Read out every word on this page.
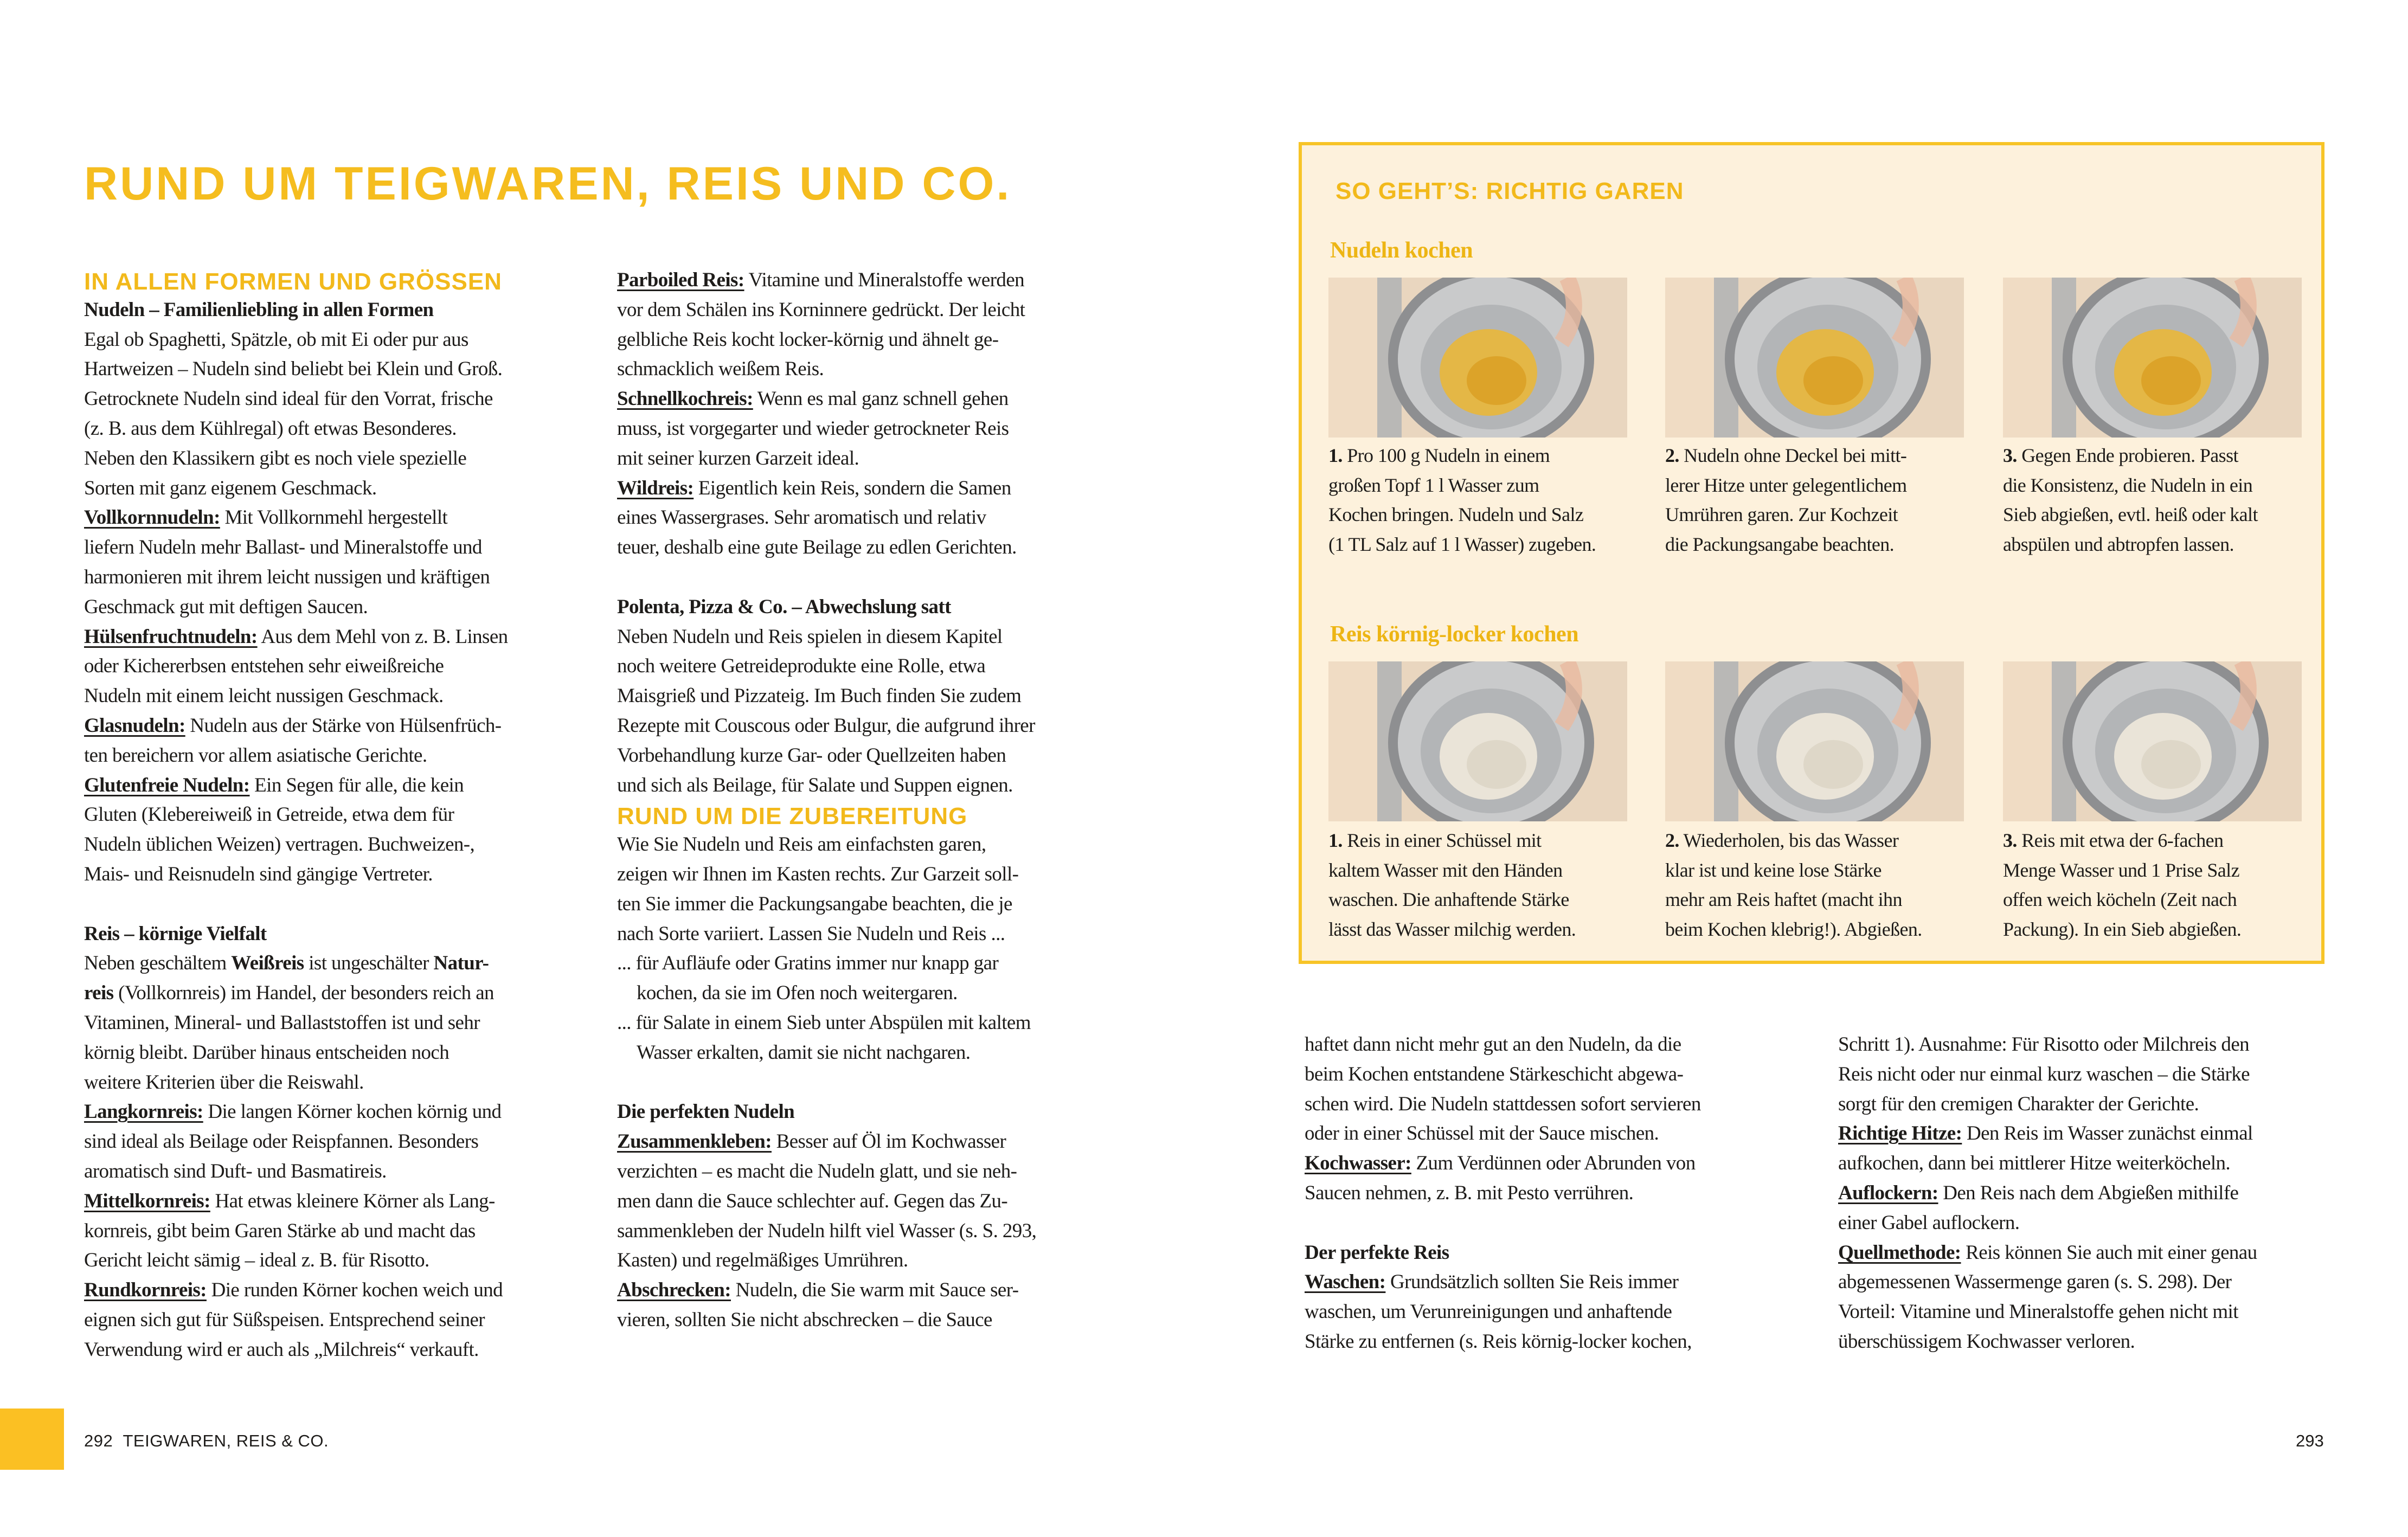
RUND UM TEIGWAREN, REIS UND CO.
IN ALLEN FORMEN UND GRÖSSEN
Nudeln – Familienliebling in allen Formen
Egal ob Spaghetti, Spätzle, ob mit Ei oder pur aus
Hartweizen – Nudeln sind beliebt bei Klein und Groß.
Getrocknete Nudeln sind ideal für den Vorrat, frische
(z. B. aus dem Kühlregal) oft etwas Besonderes.
Neben den Klassikern gibt es noch viele spezielle
Sorten mit ganz eigenem Geschmack.
Vollkornnudeln: Mit Vollkornmehl hergestellt
liefern Nudeln mehr Ballast- und Mineralstoffe und
harmonieren mit ihrem leicht nussigen und kräftigen
Geschmack gut mit deftigen Saucen.
Hülsenfruchtnudeln: Aus dem Mehl von z. B. Linsen
oder Kichererbsen entstehen sehr eiweißreiche
Nudeln mit einem leicht nussigen Geschmack.
Glasnudeln: Nudeln aus der Stärke von Hülsenfrüch-
ten bereichern vor allem asiatische Gerichte.
Glutenfreie Nudeln: Ein Segen für alle, die kein
Gluten (Klebereiweiß in Getreide, etwa dem für
Nudeln üblichen Weizen) vertragen. Buchweizen-,
Mais- und Reisnudeln sind gängige Vertreter.
Reis – körnige Vielfalt
Neben geschältem Weißreis ist ungeschälter Natur-
reis (Vollkornreis) im Handel, der besonders reich an
Vitaminen, Mineral- und Ballaststoffen ist und sehr
körnig bleibt. Darüber hinaus entscheiden noch
weitere Kriterien über die Reiswahl.
Langkornreis: Die langen Körner kochen körnig und
sind ideal als Beilage oder Reispfannen. Besonders
aromatisch sind Duft- und Basmatireis.
Mittelkornreis: Hat etwas kleinere Körner als Lang-
kornreis, gibt beim Garen Stärke ab und macht das
Gericht leicht sämig – ideal z. B. für Risotto.
Rundkornreis: Die runden Körner kochen weich und
eignen sich gut für Süßspeisen. Entsprechend seiner
Verwendung wird er auch als „Milchreis“ verkauft.
Parboiled Reis: Vitamine und Mineralstoffe werden
vor dem Schälen ins Korninnere gedrückt. Der leicht
gelbliche Reis kocht locker-körnig und ähnelt ge-
schmacklich weißem Reis.
Schnellkochreis: Wenn es mal ganz schnell gehen
muss, ist vorgegarter und wieder getrockneter Reis
mit seiner kurzen Garzeit ideal.
Wildreis: Eigentlich kein Reis, sondern die Samen
eines Wassergrases. Sehr aromatisch und relativ
teuer, deshalb eine gute Beilage zu edlen Gerichten.
Polenta, Pizza & Co. – Abwechslung satt
Neben Nudeln und Reis spielen in diesem Kapitel
noch weitere Getreideprodukte eine Rolle, etwa
Maisgrieß und Pizzateig. Im Buch finden Sie zudem
Rezepte mit Couscous oder Bulgur, die aufgrund ihrer
Vorbehandlung kurze Gar- oder Quellzeiten haben
und sich als Beilage, für Salate und Suppen eignen.
RUND UM DIE ZUBEREITUNG
Wie Sie Nudeln und Reis am einfachsten garen,
zeigen wir Ihnen im Kasten rechts. Zur Garzeit soll-
ten Sie immer die Packungsangabe beachten, die je
nach Sorte variiert. Lassen Sie Nudeln und Reis ...
... für Aufläufe oder Gratins immer nur knapp gar
kochen, da sie im Ofen noch weitergaren.
... für Salate in einem Sieb unter Abspülen mit kaltem
Wasser erkalten, damit sie nicht nachgaren.
Die perfekten Nudeln
Zusammenkleben: Besser auf Öl im Kochwasser
verzichten – es macht die Nudeln glatt, und sie neh-
men dann die Sauce schlechter auf. Gegen das Zu-
sammenkleben der Nudeln hilft viel Wasser (s. S. 293,
Kasten) und regelmäßiges Umrühren.
Abschrecken: Nudeln, die Sie warm mit Sauce ser-
vieren, sollten Sie nicht abschrecken – die Sauce
haftet dann nicht mehr gut an den Nudeln, da die
beim Kochen entstandene Stärkeschicht abgewa-
schen wird. Die Nudeln stattdessen sofort servieren
oder in einer Schüssel mit der Sauce mischen.
Kochwasser: Zum Verdünnen oder Abrunden von
Saucen nehmen, z. B. mit Pesto verrühren.
Der perfekte Reis
Waschen: Grundsätzlich sollten Sie Reis immer
waschen, um Verunreinigungen und anhaftende
Stärke zu entfernen (s. Reis körnig-locker kochen,
Schritt 1). Ausnahme: Für Risotto oder Milchreis den
Reis nicht oder nur einmal kurz waschen – die Stärke
sorgt für den cremigen Charakter der Gerichte.
Richtige Hitze: Den Reis im Wasser zunächst einmal
aufkochen, dann bei mittlerer Hitze weiterköcheln.
Auflockern: Den Reis nach dem Abgießen mithilfe
einer Gabel auflockern.
Quellmethode: Reis können Sie auch mit einer genau
abgemessenen Wassermenge garen (s. S. 298). Der
Vorteil: Vitamine und Mineralstoffe gehen nicht mit
überschüssigem Kochwasser verloren.
SO GEHT’S: RICHTIG GAREN
Nudeln kochen
1. Pro 100 g Nudeln in einem
großen Topf 1 l Wasser zum
Kochen bringen. Nudeln und Salz
(1 TL Salz auf 1 l Wasser) zugeben.
2. Nudeln ohne Deckel bei mitt-
lerer Hitze unter gelegentlichem
Umrühren garen. Zur Kochzeit
die Packungsangabe beachten.
3. Gegen Ende probieren. Passt
die Konsistenz, die Nudeln in ein
Sieb abgießen, evtl. heiß oder kalt
abspülen und abtropfen lassen.
Reis körnig-locker kochen
1. Reis in einer Schüssel mit
kaltem Wasser mit den Händen
waschen. Die anhaftende Stärke
lässt das Wasser milchig werden.
2. Wiederholen, bis das Wasser
klar ist und keine lose Stärke
mehr am Reis haftet (macht ihn
beim Kochen klebrig!). Abgießen.
3. Reis mit etwa der 6-fachen
Menge Wasser und 1 Prise Salz
offen weich köcheln (Zeit nach
Packung). In ein Sieb abgießen.
292 TEIGWAREN, REIS & CO.	293
